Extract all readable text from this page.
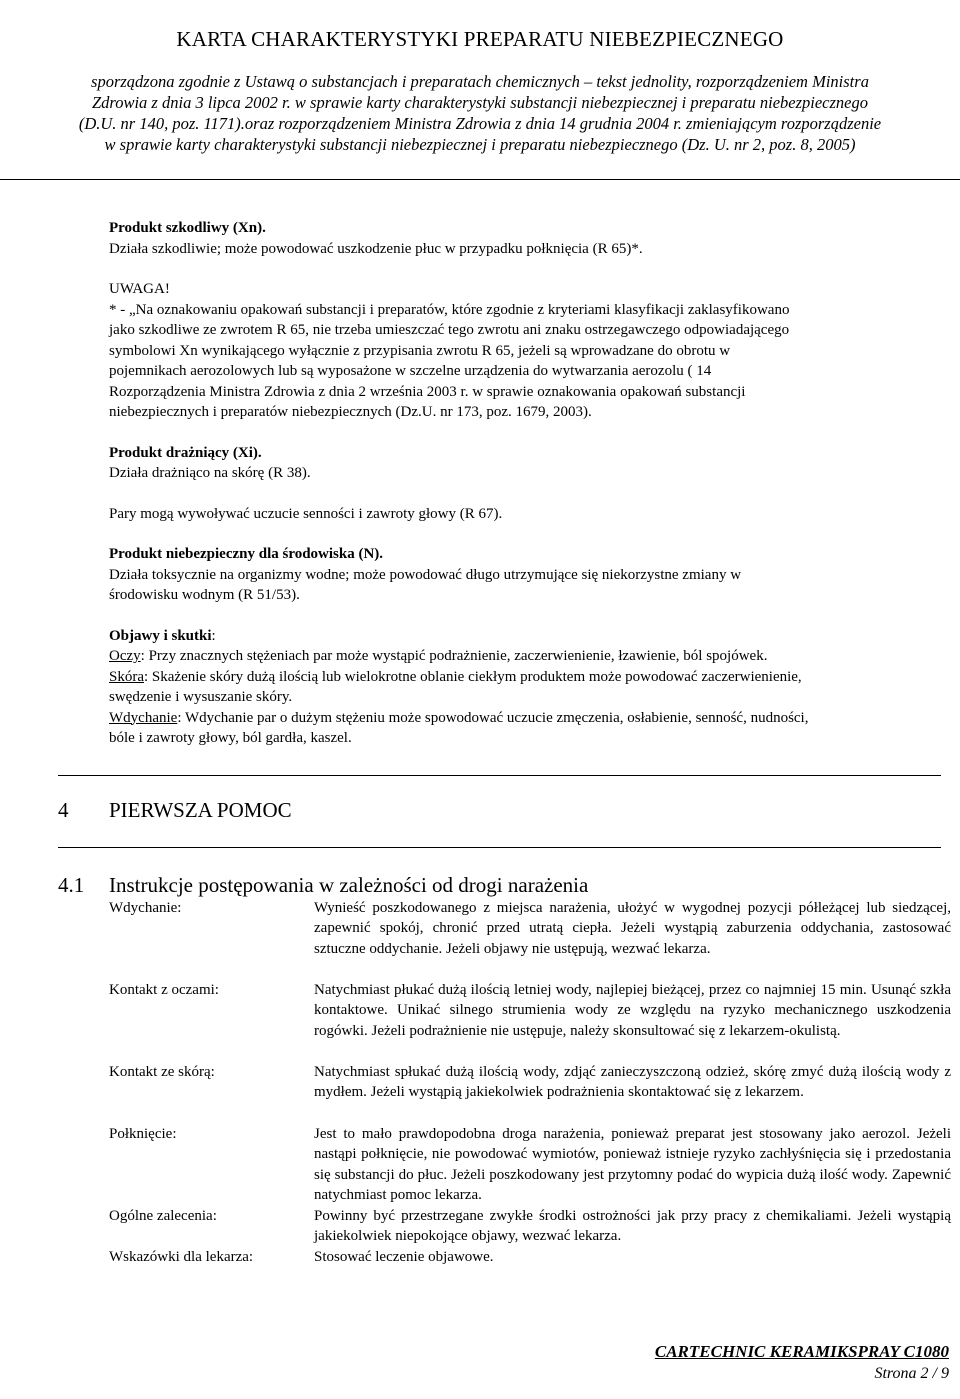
KARTA CHARAKTERYSTYKI PREPARATU NIEBEZPIECZNEGO
sporządzona zgodnie z Ustawą o substancjach i preparatach chemicznych – tekst jednolity, rozporządzeniem Ministra
Zdrowia z dnia 3 lipca 2002 r. w sprawie karty charakterystyki substancji niebezpiecznej i preparatu niebezpiecznego
(D.U. nr 140, poz. 1171).oraz rozporządzeniem Ministra Zdrowia z dnia 14 grudnia 2004 r. zmieniającym rozporządzenie
w sprawie karty charakterystyki substancji niebezpiecznej i preparatu niebezpiecznego (Dz. U. nr 2, poz. 8, 2005)

Produkt szkodliwy (Xn).

Działa szkodliwie; może powodować uszkodzenie płuc w przypadku połknięcia (R 65)*.

UWAGA!

* - „Na oznakowaniu opakowań substancji i preparatów, które zgodnie z kryteriami klasyfikacji zaklasyfikowano

jako szkodliwe ze zwrotem R 65, nie trzeba umieszczać tego zwrotu ani znaku ostrzegawczego odpowiadającego

symbolowi Xn wynikającego wyłącznie z przypisania zwrotu R 65, jeżeli są wprowadzane do obrotu w

pojemnikach aerozolowych lub są wyposażone w szczelne urządzenia do wytwarzania aerozolu ( 14

Rozporządzenia Ministra Zdrowia z dnia 2 września 2003 r. w sprawie oznakowania opakowań substancji

niebezpiecznych i preparatów niebezpiecznych (Dz.U. nr 173, poz. 1679, 2003).

Produkt drażniący (Xi).

Działa drażniąco na skórę (R 38).

Pary mogą wywoływać uczucie senności i zawroty głowy (R 67).

Produkt niebezpieczny dla środowiska (N).

Działa toksycznie na organizmy wodne; może powodować długo utrzymujące się niekorzystne zmiany w

środowisku wodnym (R 51/53).

Objawy i skutki:

Oczy: Przy znacznych stężeniach par może wystąpić podrażnienie, zaczerwienienie, łzawienie, ból spojówek.

Skóra: Skażenie skóry dużą ilością lub wielokrotne oblanie ciekłym produktem może powodować zaczerwienienie,

swędzenie i wysuszanie skóry.

Wdychanie: Wdychanie par o dużym stężeniu może spowodować uczucie zmęczenia, osłabienie, senność, nudności,

bóle i zawroty głowy, ból gardła, kaszel.

4 PIERWSZA POMOC
4.1 Instrukcje postępowania w zależności od drogi narażenia
Wdychanie:	Wynieść poszkodowanego z miejsca narażenia, ułożyć w wygodnej pozycji półleżącej lub siedzącej, zapewnić spokój, chronić przed utratą ciepła. Jeżeli wystąpią zaburzenia oddychania, zastosować sztuczne oddychanie. Jeżeli objawy nie ustępują, wezwać lekarza.
Kontakt z oczami:	Natychmiast płukać dużą ilością letniej wody, najlepiej bieżącej, przez co najmniej 15 min. Usunąć szkła kontaktowe. Unikać silnego strumienia wody ze względu na ryzyko mechanicznego uszkodzenia rogówki. Jeżeli podrażnienie nie ustępuje, należy skonsultować się z lekarzem-okulistą.
Kontakt ze skórą:	Natychmiast spłukać dużą ilością wody, zdjąć zanieczyszczoną odzież, skórę zmyć dużą ilością wody z mydłem. Jeżeli wystąpią jakiekolwiek podrażnienia skontaktować się z lekarzem.
Połknięcie:	Jest to mało prawdopodobna droga narażenia, ponieważ preparat jest stosowany jako aerozol. Jeżeli nastąpi połknięcie, nie powodować wymiotów, ponieważ istnieje ryzyko zachłyśnięcia się i przedostania się substancji do płuc. Jeżeli poszkodowany jest przytomny podać do wypicia dużą ilość wody. Zapewnić natychmiast pomoc lekarza.
Ogólne zalecenia:	Powinny być przestrzegane zwykłe środki ostrożności jak przy pracy z chemikaliami. Jeżeli wystąpią jakiekolwiek niepokojące objawy, wezwać lekarza.
Wskazówki dla lekarza:	Stosować leczenie objawowe.
CARTECHNIC KERAMIKSPRAY C1080
Strona 2 / 9
